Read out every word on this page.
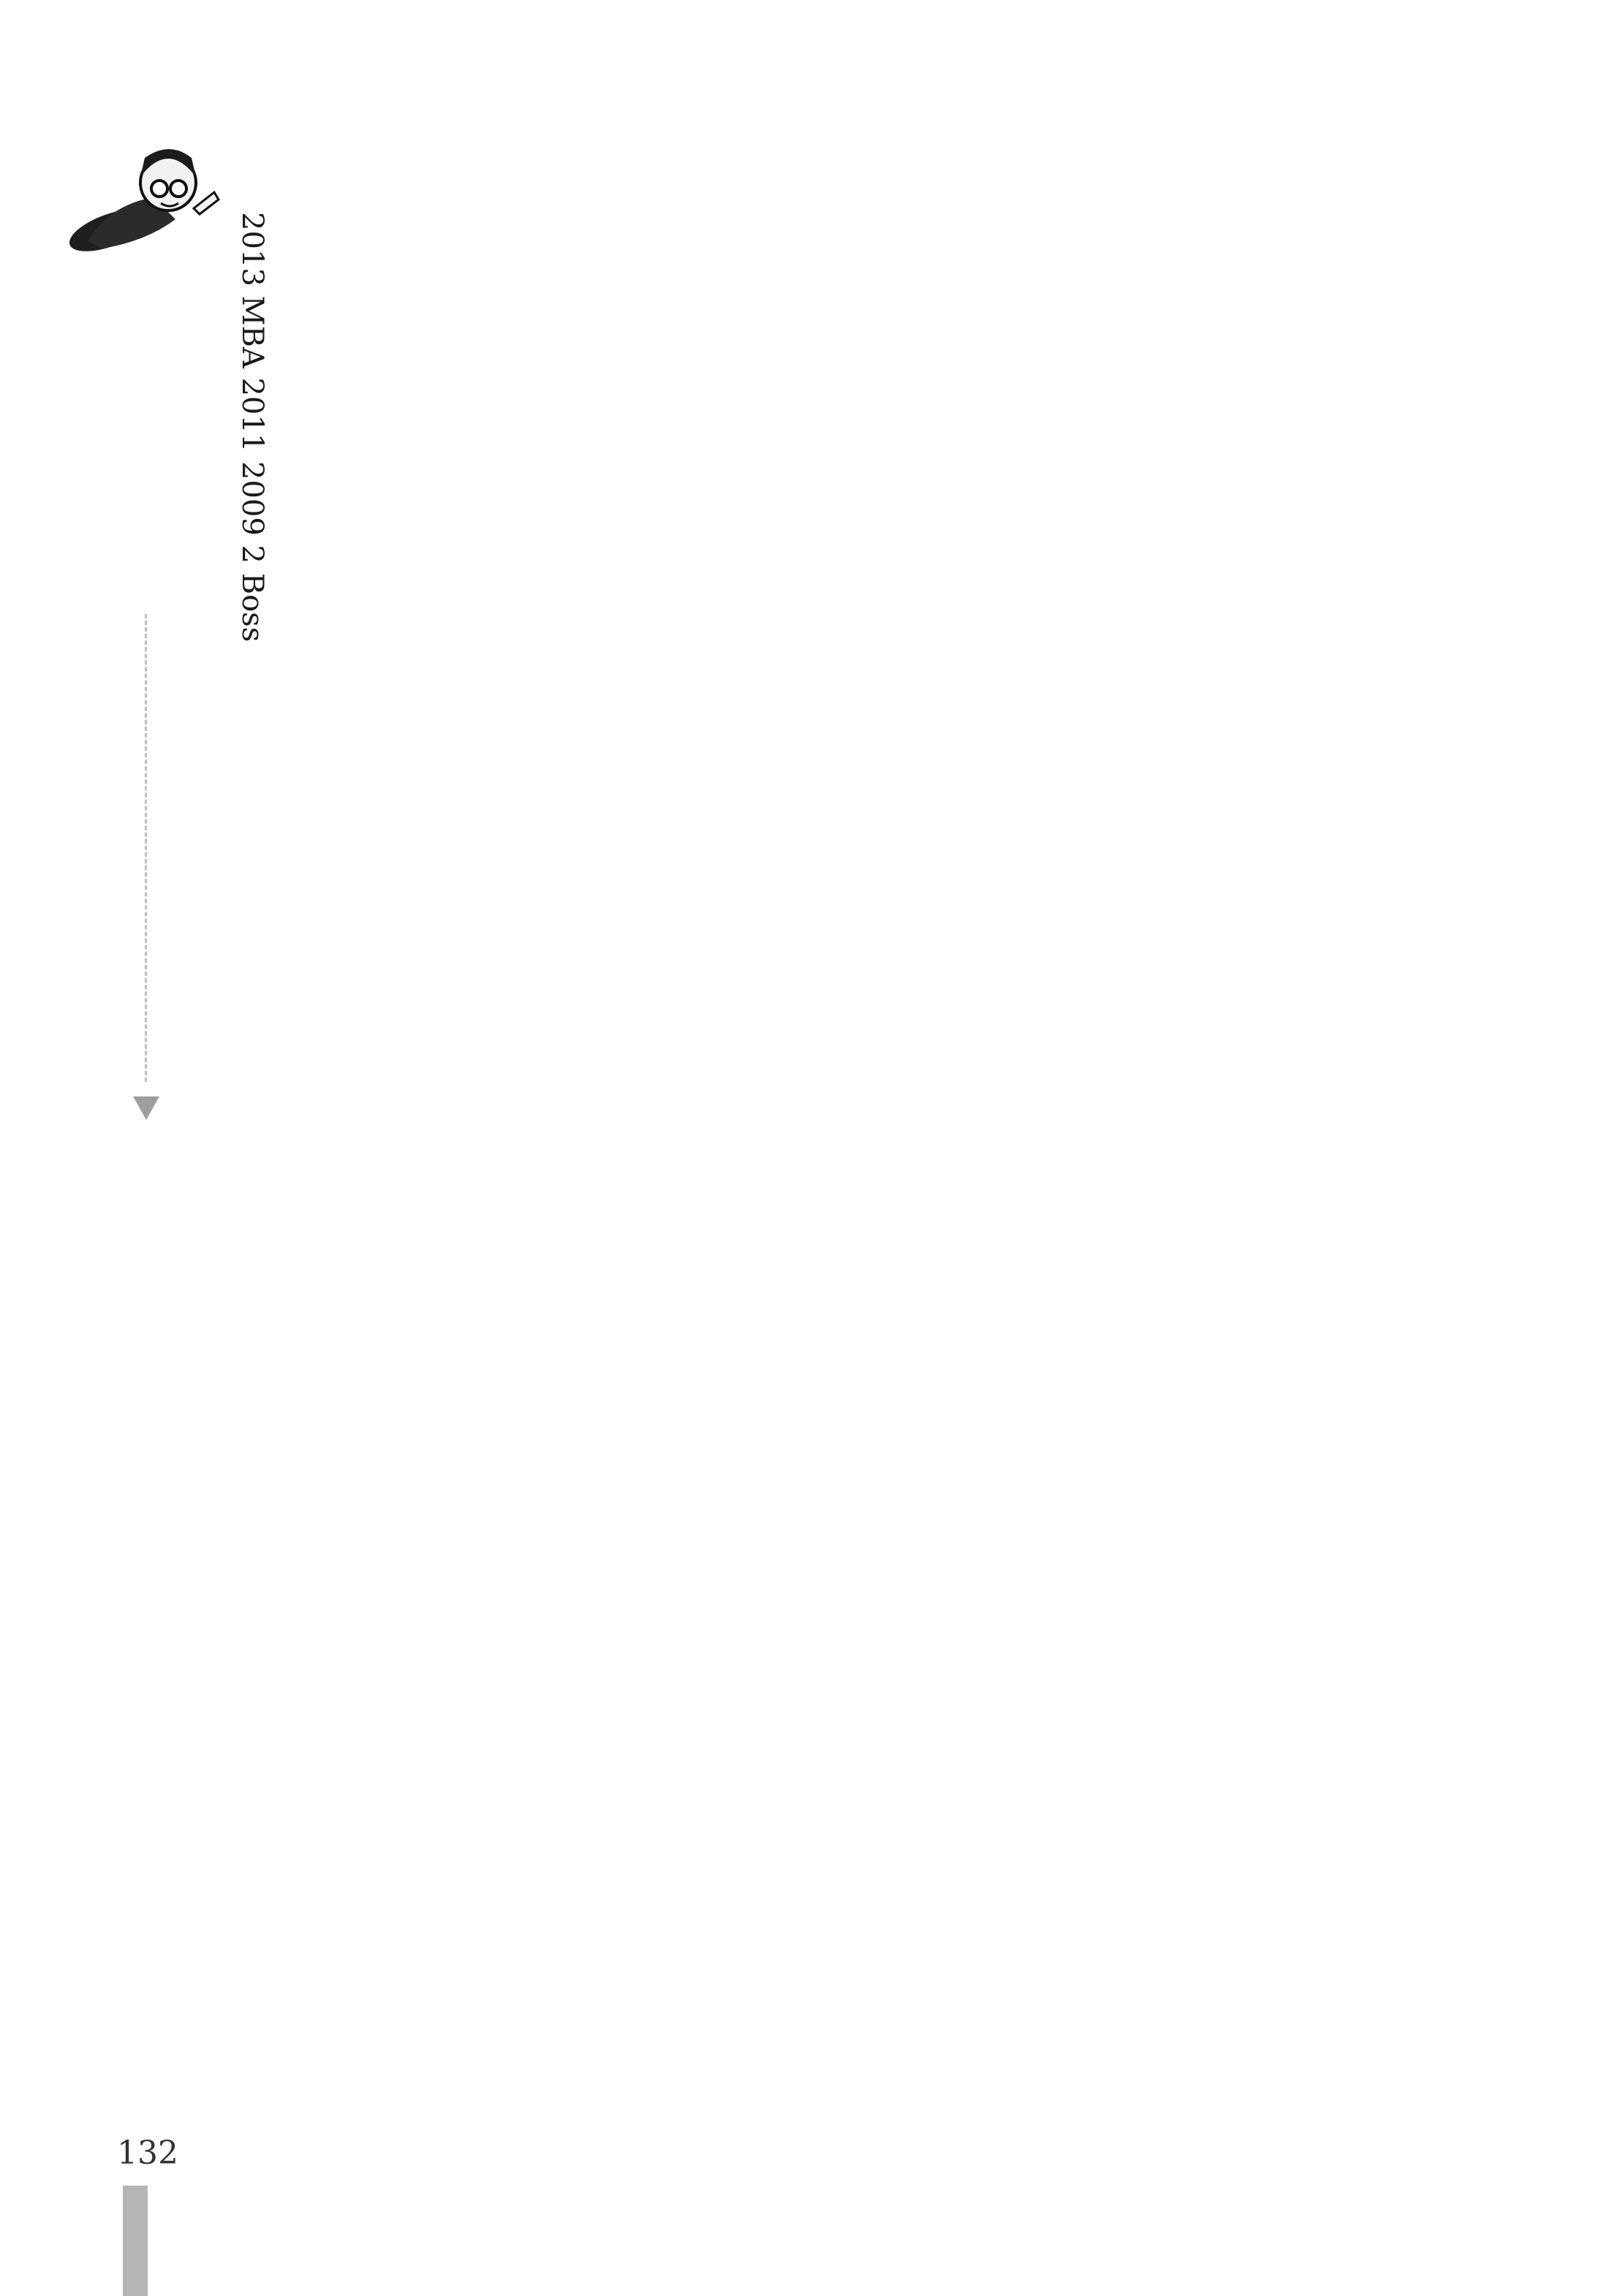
2013 MBA 2011 2009 2 Boss

132
